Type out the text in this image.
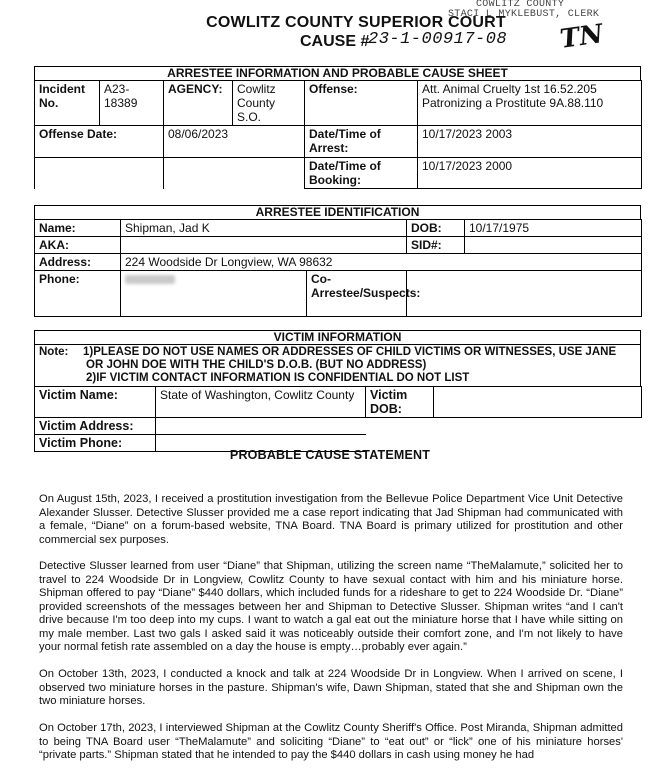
COWLITZ COUNTY
STACI L MYKLEBUST, CLERK
COWLITZ COUNTY SUPERIOR COURT
CAUSE #
23-1-00917-08 TN
ARRESTEE INFORMATION AND PROBABLE CAUSE SHEET
Incident No.	A23-18389	AGENCY:	Cowlitz County S.O.	Offense:	Att. Animal Cruelty 1st 16.52.205
Patronizing a Prostitute 9A.88.110

Offense Date:		08/06/2023		Date/Time of Arrest:	10/17/2023 2003
				Date/Time of Booking:	10/17/2023 2000
ARRESTEE IDENTIFICATION
Name:	Shipman, Jad K		DOB:	10/17/1975
AKA:			SID#:	
Address:	224 Woodside Dr Longview, WA 98632			
Phone:		Co-Arrestee/Suspects:		
VICTIM INFORMATION
Note:	1)PLEASE DO NOT USE NAMES OR ADDRESSES OF CHILD VICTIMS OR WITNESSES, USE JANE
OR JOHN DOE WITH THE CHILD'S D.O.B. (BUT NO ADDRESS)
2)IF VICTIM CONTACT INFORMATION IS CONFIDENTIAL DO NOT LIST
Victim Name:	State of Washington, Cowlitz County	Victim DOB:	
Victim Address:			
Victim Phone:			
PROBABLE CAUSE STATEMENT
On August 15th, 2023, I received a prostitution investigation from the Bellevue Police Department Vice Unit Detective Alexander Slusser. Detective Slusser provided me a case report indicating that Jad Shipman had communicated with a female, “Diane” on a forum-based website, TNA Board. TNA Board is primary utilized for prostitution and other commercial sex purposes.
Detective Slusser learned from user “Diane” that Shipman, utilizing the screen name “TheMalamute,” solicited her to travel to 224 Woodside Dr in Longview, Cowlitz County to have sexual contact with him and his miniature horse. Shipman offered to pay “Diane” $440 dollars, which included funds for a rideshare to get to 224 Woodside Dr. “Diane” provided screenshots of the messages between her and Shipman to Detective Slusser. Shipman writes “and I can't drive because I'm too deep into my cups. I want to watch a gal eat out the miniature horse that I have while sitting on my male member. Last two gals I asked said it was noticeably outside their comfort zone, and I'm not likely to have your normal fetish rate assembled on a day the house is empty…probably ever again.”
On October 13th, 2023, I conducted a knock and talk at 224 Woodside Dr in Longview. When I arrived on scene, I observed two miniature horses in the pasture. Shipman's wife, Dawn Shipman, stated that she and Shipman own the two miniature horses.
On October 17th, 2023, I interviewed Shipman at the Cowlitz County Sheriff's Office. Post Miranda, Shipman admitted to being TNA Board user “TheMalamute” and soliciting “Diane” to “eat out” or “lick” one of his miniature horses' “private parts.” Shipman stated that he intended to pay the $440 dollars in cash using money he had
